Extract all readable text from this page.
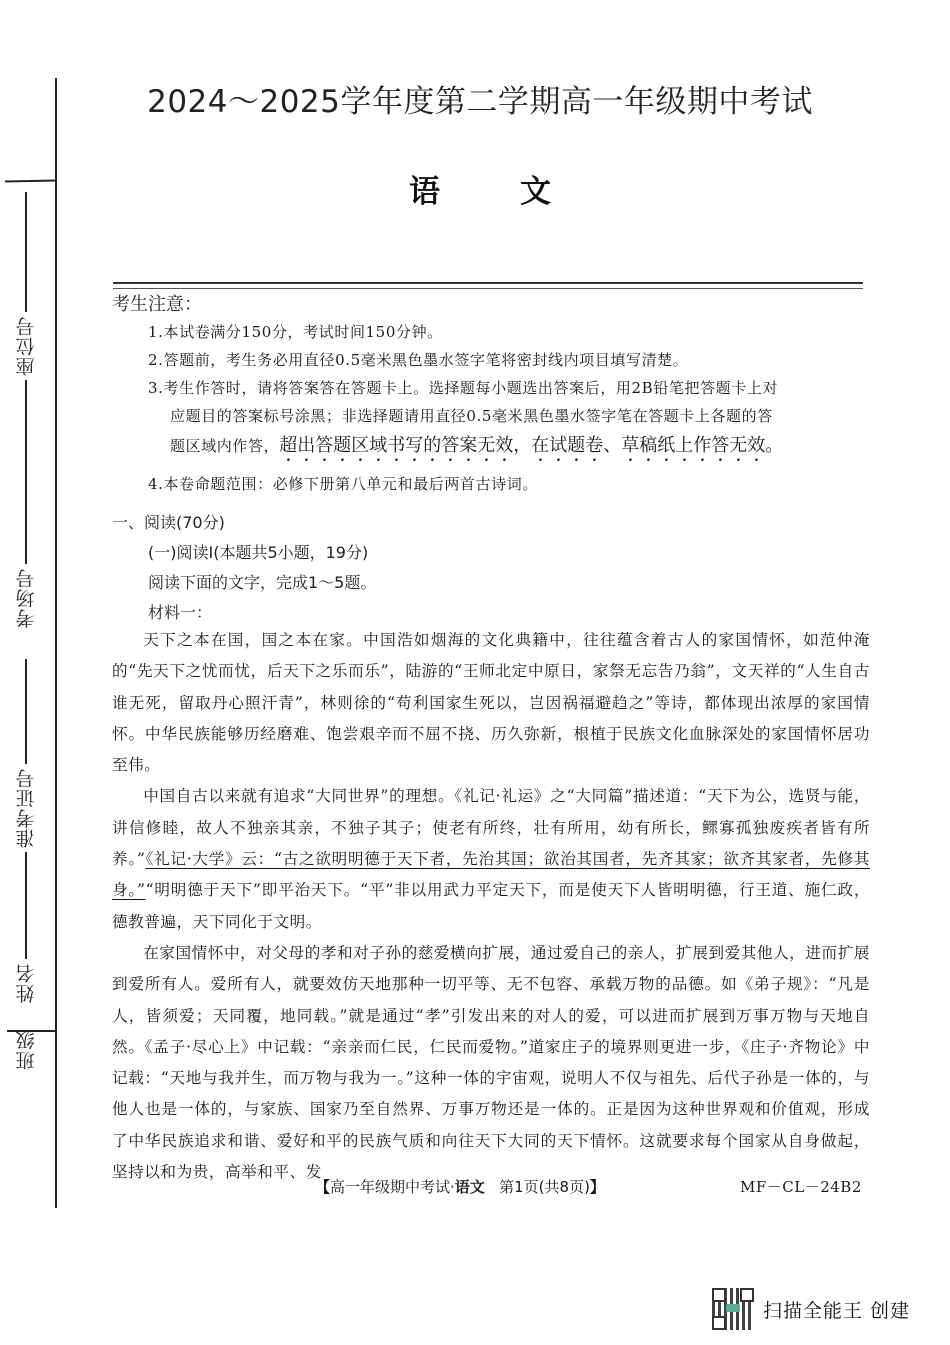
座位号
考场号
准考证号
姓名
班级
2024～2025学年度第二学期高一年级期中考试
语	文
考生注意：
1.本试卷满分150分，考试时间150分钟。
2.答题前，考生务必用直径0.5毫米黑色墨水签字笔将密封线内项目填写清楚。
3.考生作答时，请将答案答在答题卡上。选择题每小题选出答案后，用2B铅笔把答题卡上对
应题目的答案标号涂黑；非选择题请用直径0.5毫米黑色墨水签字笔在答题卡上各题的答
题区域内作答，超出答题区域书写的答案无效，在试题卷、草稿纸上作答无效。
4.本卷命题范围：必修下册第八单元和最后两首古诗词。
一、阅读(70分)
(一)阅读Ⅰ(本题共5小题，19分)
阅读下面的文字，完成1～5题。
材料一：

天下之本在国，国之本在家。中国浩如烟海的文化典籍中，往往蕴含着古人的家国情怀，如范仲淹的“先天下之忧而忧，后天下之乐而乐”，陆游的“王师北定中原日，家祭无忘告乃翁”，文天祥的“人生自古谁无死，留取丹心照汗青”，林则徐的“苟利国家生死以，岂因祸福避趋之”等诗，都体现出浓厚的家国情怀。中华民族能够历经磨难、饱尝艰辛而不屈不挠、历久弥新，根植于民族文化血脉深处的家国情怀居功至伟。

中国自古以来就有追求“大同世界”的理想。《礼记·礼运》之“大同篇”描述道：“天下为公，选贤与能，讲信修睦，故人不独亲其亲，不独子其子；使老有所终，壮有所用，幼有所长，鳏寡孤独废疾者皆有所养。”《礼记·大学》云：“古之欲明明德于天下者，先治其国；欲治其国者，先齐其家；欲齐其家者，先修其身。”“明明德于天下”即平治天下。“平”非以用武力平定天下，而是使天下人皆明明德，行王道、施仁政，德教普遍，天下同化于文明。

在家国情怀中，对父母的孝和对子孙的慈爱横向扩展，通过爱自己的亲人，扩展到爱其他人，进而扩展到爱所有人。爱所有人，就要效仿天地那种一切平等、无不包容、承载万物的品德。如《弟子规》：“凡是人，皆须爱；天同覆，地同载。”就是通过“孝”引发出来的对人的爱，可以进而扩展到万事万物与天地自然。《孟子·尽心上》中记载：“亲亲而仁民，仁民而爱物。”道家庄子的境界则更进一步，《庄子·齐物论》中记载：“天地与我并生，而万物与我为一。”这种一体的宇宙观，说明人不仅与祖先、后代子孙是一体的，与他人也是一体的，与家族、国家乃至自然界、万事万物还是一体的。正是因为这种世界观和价值观，形成了中华民族追求和谐、爱好和平的民族气质和向往天下大同的天下情怀。这就要求每个国家从自身做起，坚持以和为贵，高举和平、发

【高一年级期中考试·语文 第1页(共8页)】	MF－CL－24B2
扫描全能王 创建
